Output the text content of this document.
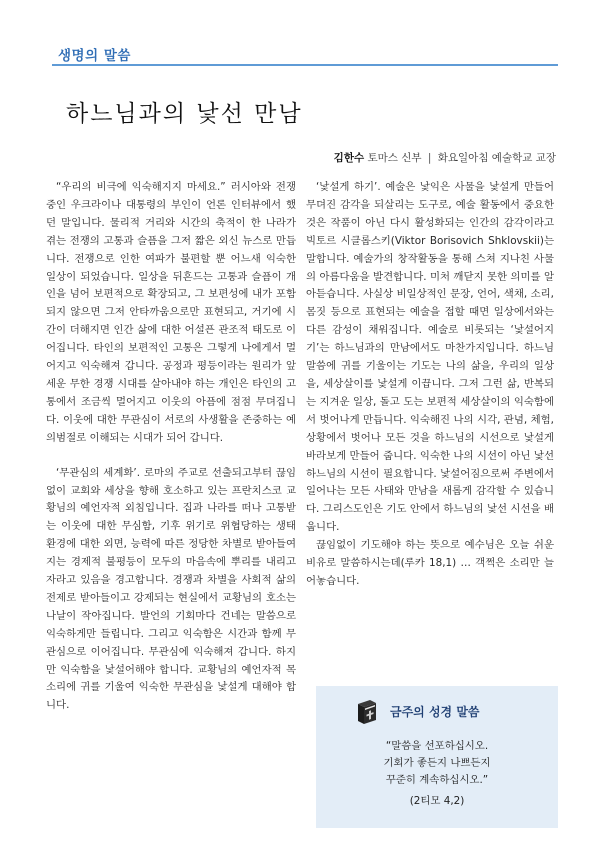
생명의 말씀
하느님과의 낯선 만남
김한수 토마스 신부 | 화요일아침 예술학교 교장

“우리의 비극에 익숙해지지 마세요.” 러시아와 전쟁 중인 우크라이나 대통령의 부인이 언론 인터뷰에서 했던 말입니다. 물리적 거리와 시간의 축적이 한 나라가 겪는 전쟁의 고통과 슬픔을 그저 짧은 외신 뉴스로 만듭니다. 전쟁으로 인한 여파가 불편할 뿐 어느새 익숙한 일상이 되었습니다. 일상을 뒤흔드는 고통과 슬픔이 개인을 넘어 보편적으로 확장되고, 그 보편성에 내가 포함되지 않으면 그저 안타까움으로만 표현되고, 거기에 시간이 더해지면 인간 삶에 대한 어설픈 관조적 태도로 이어집니다. 타인의 보편적인 고통은 그렇게 나에게서 멀어지고 익숙해져 갑니다. 공정과 평등이라는 원리가 앞세운 무한 경쟁 시대를 살아내야 하는 개인은 타인의 고통에서 조금씩 멀어지고 이웃의 아픔에 점점 무뎌집니다. 이웃에 대한 무관심이 서로의 사생활을 존중하는 예의범절로 이해되는 시대가 되어 갑니다.

‘무관심의 세계화’. 로마의 주교로 선출되고부터 끊임없이 교회와 세상을 향해 호소하고 있는 프란치스코 교황님의 예언자적 외침입니다. 집과 나라를 떠나 고통받는 이웃에 대한 무심함, 기후 위기로 위협당하는 생태 환경에 대한 외면, 능력에 따른 정당한 차별로 받아들여지는 경제적 불평등이 모두의 마음속에 뿌리를 내리고 자라고 있음을 경고합니다. 경쟁과 차별을 사회적 삶의 전제로 받아들이고 강제되는 현실에서 교황님의 호소는 나날이 작아집니다. 발언의 기회마다 건네는 말씀으로 익숙하게만 들립니다. 그리고 익숙함은 시간과 함께 무관심으로 이어집니다. 무관심에 익숙해져 갑니다. 하지만 익숙함을 낯설어해야 합니다. 교황님의 예언자적 목소리에 귀를 기울여 익숙한 무관심을 낯설게 대해야 합니다.

‘낯설게 하기’. 예술은 낯익은 사물을 낯설게 만들어 무뎌진 감각을 되살리는 도구로, 예술 활동에서 중요한 것은 작품이 아닌 다시 활성화되는 인간의 감각이라고 빅토르 시클롭스키(Viktor Borisovich Shklovskii)는 말합니다. 예술가의 창작활동을 통해 스쳐 지나친 사물의 아름다움을 발견합니다. 미처 깨닫지 못한 의미를 알아듣습니다. 사실상 비일상적인 문장, 언어, 색채, 소리, 몸짓 등으로 표현되는 예술을 접할 때면 일상에서와는 다른 감성이 채워집니다. 예술로 비롯되는 ‘낯설어지기’는 하느님과의 만남에서도 마찬가지입니다. 하느님 말씀에 귀를 기울이는 기도는 나의 삶을, 우리의 일상을, 세상살이를 낯설게 이끕니다. 그저 그런 삶, 반복되는 지겨운 일상, 돌고 도는 보편적 세상살이의 익숙함에서 벗어나게 만듭니다. 익숙해진 나의 시각, 관념, 체험, 상황에서 벗어나 모든 것을 하느님의 시선으로 낯설게 바라보게 만들어 줍니다. 익숙한 나의 시선이 아닌 낯선 하느님의 시선이 필요합니다. 낯설어짐으로써 주변에서 일어나는 모든 사태와 만남을 새롭게 감각할 수 있습니다. 그리스도인은 기도 안에서 하느님의 낯선 시선을 배웁니다.

끊임없이 기도해야 하는 뜻으로 예수님은 오늘 쉬운 비유로 말씀하시는데(루카 18,1) … 객쩍은 소리만 늘어놓습니다.

금주의 성경 말씀
“말씀을 선포하십시오.
기회가 좋든지 나쁘든지
꾸준히 계속하십시오.”
(2티모 4,2)
